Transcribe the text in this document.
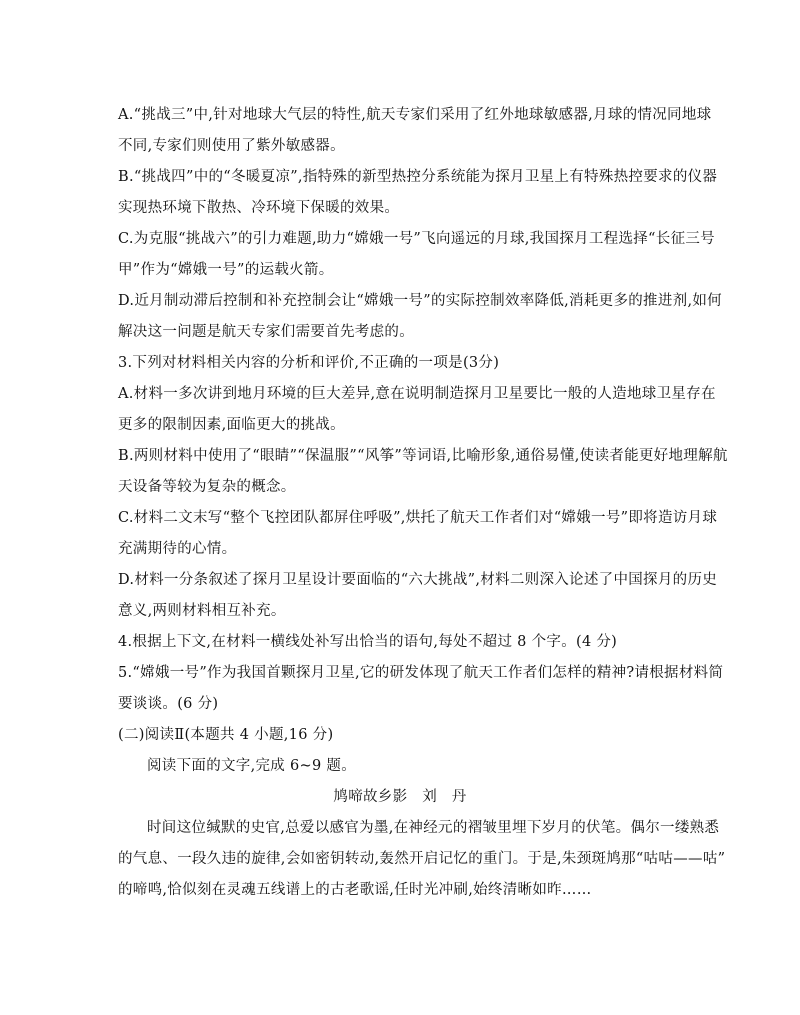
A.“挑战三”中,针对地球大气层的特性,航天专家们采用了红外地球敏感器,月球的情况同地球
不同,专家们则使用了紫外敏感器。
B.“挑战四”中的“冬暖夏凉”,指特殊的新型热控分系统能为探月卫星上有特殊热控要求的仪器
实现热环境下散热、冷环境下保暖的效果。
C.为克服“挑战六”的引力难题,助力“嫦娥一号”飞向遥远的月球,我国探月工程选择“长征三号
甲”作为“嫦娥一号”的运载火箭。
D.近月制动滞后控制和补充控制会让“嫦娥一号”的实际控制效率降低,消耗更多的推进剂,如何
解决这一问题是航天专家们需要首先考虑的。
3.下列对材料相关内容的分析和评价,不正确的一项是(3分)
A.材料一多次讲到地月环境的巨大差异,意在说明制造探月卫星要比一般的人造地球卫星存在
更多的限制因素,面临更大的挑战。
B.两则材料中使用了“眼睛”“保温服”“风筝”等词语,比喻形象,通俗易懂,使读者能更好地理解航
天设备等较为复杂的概念。
C.材料二文末写“整个飞控团队都屏住呼吸”,烘托了航天工作者们对“嫦娥一号”即将造访月球
充满期待的心情。
D.材料一分条叙述了探月卫星设计要面临的“六大挑战”,材料二则深入论述了中国探月的历史
意义,两则材料相互补充。
4.根据上下文,在材料一横线处补写出恰当的语句,每处不超过 8 个字。(4 分)
5.“嫦娥一号”作为我国首颗探月卫星,它的研发体现了航天工作者们怎样的精神?请根据材料简
要谈谈。(6 分)
(二)阅读Ⅱ(本题共 4 小题,16 分)
阅读下面的文字,完成 6~9 题。
鸠啼故乡影　刘　丹
时间这位缄默的史官,总爱以感官为墨,在神经元的褶皱里埋下岁月的伏笔。偶尔一缕熟悉
的气息、一段久违的旋律,会如密钥转动,轰然开启记忆的重门。于是,朱颈斑鸠那“咕咕——咕”
的啼鸣,恰似刻在灵魂五线谱上的古老歌谣,任时光冲刷,始终清晰如昨……
